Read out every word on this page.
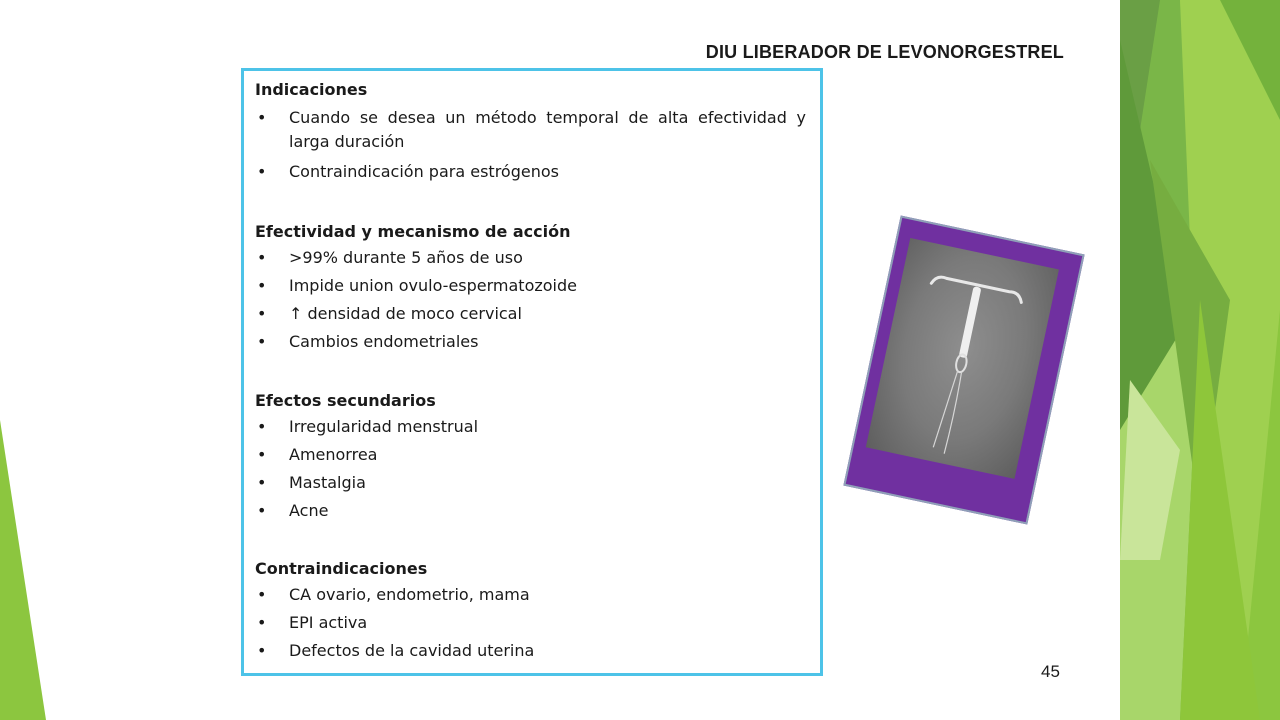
DIU LIBERADOR DE LEVONORGESTREL

Indicaciones

• Cuando se desea un método temporal de alta efectividad y larga duración
• Contraindicación para estrógenos

Efectividad y mecanismo de acción

• >99% durante 5 años de uso
• Impide union ovulo-espermatozoide
• ↑ densidad de moco cervical
• Cambios endometriales

Efectos secundarios

• Irregularidad menstrual
• Amenorrea
• Mastalgia
• Acne

Contraindicaciones

• CA ovario, endometrio, mama
• EPI activa
• Defectos de la cavidad uterina
45
